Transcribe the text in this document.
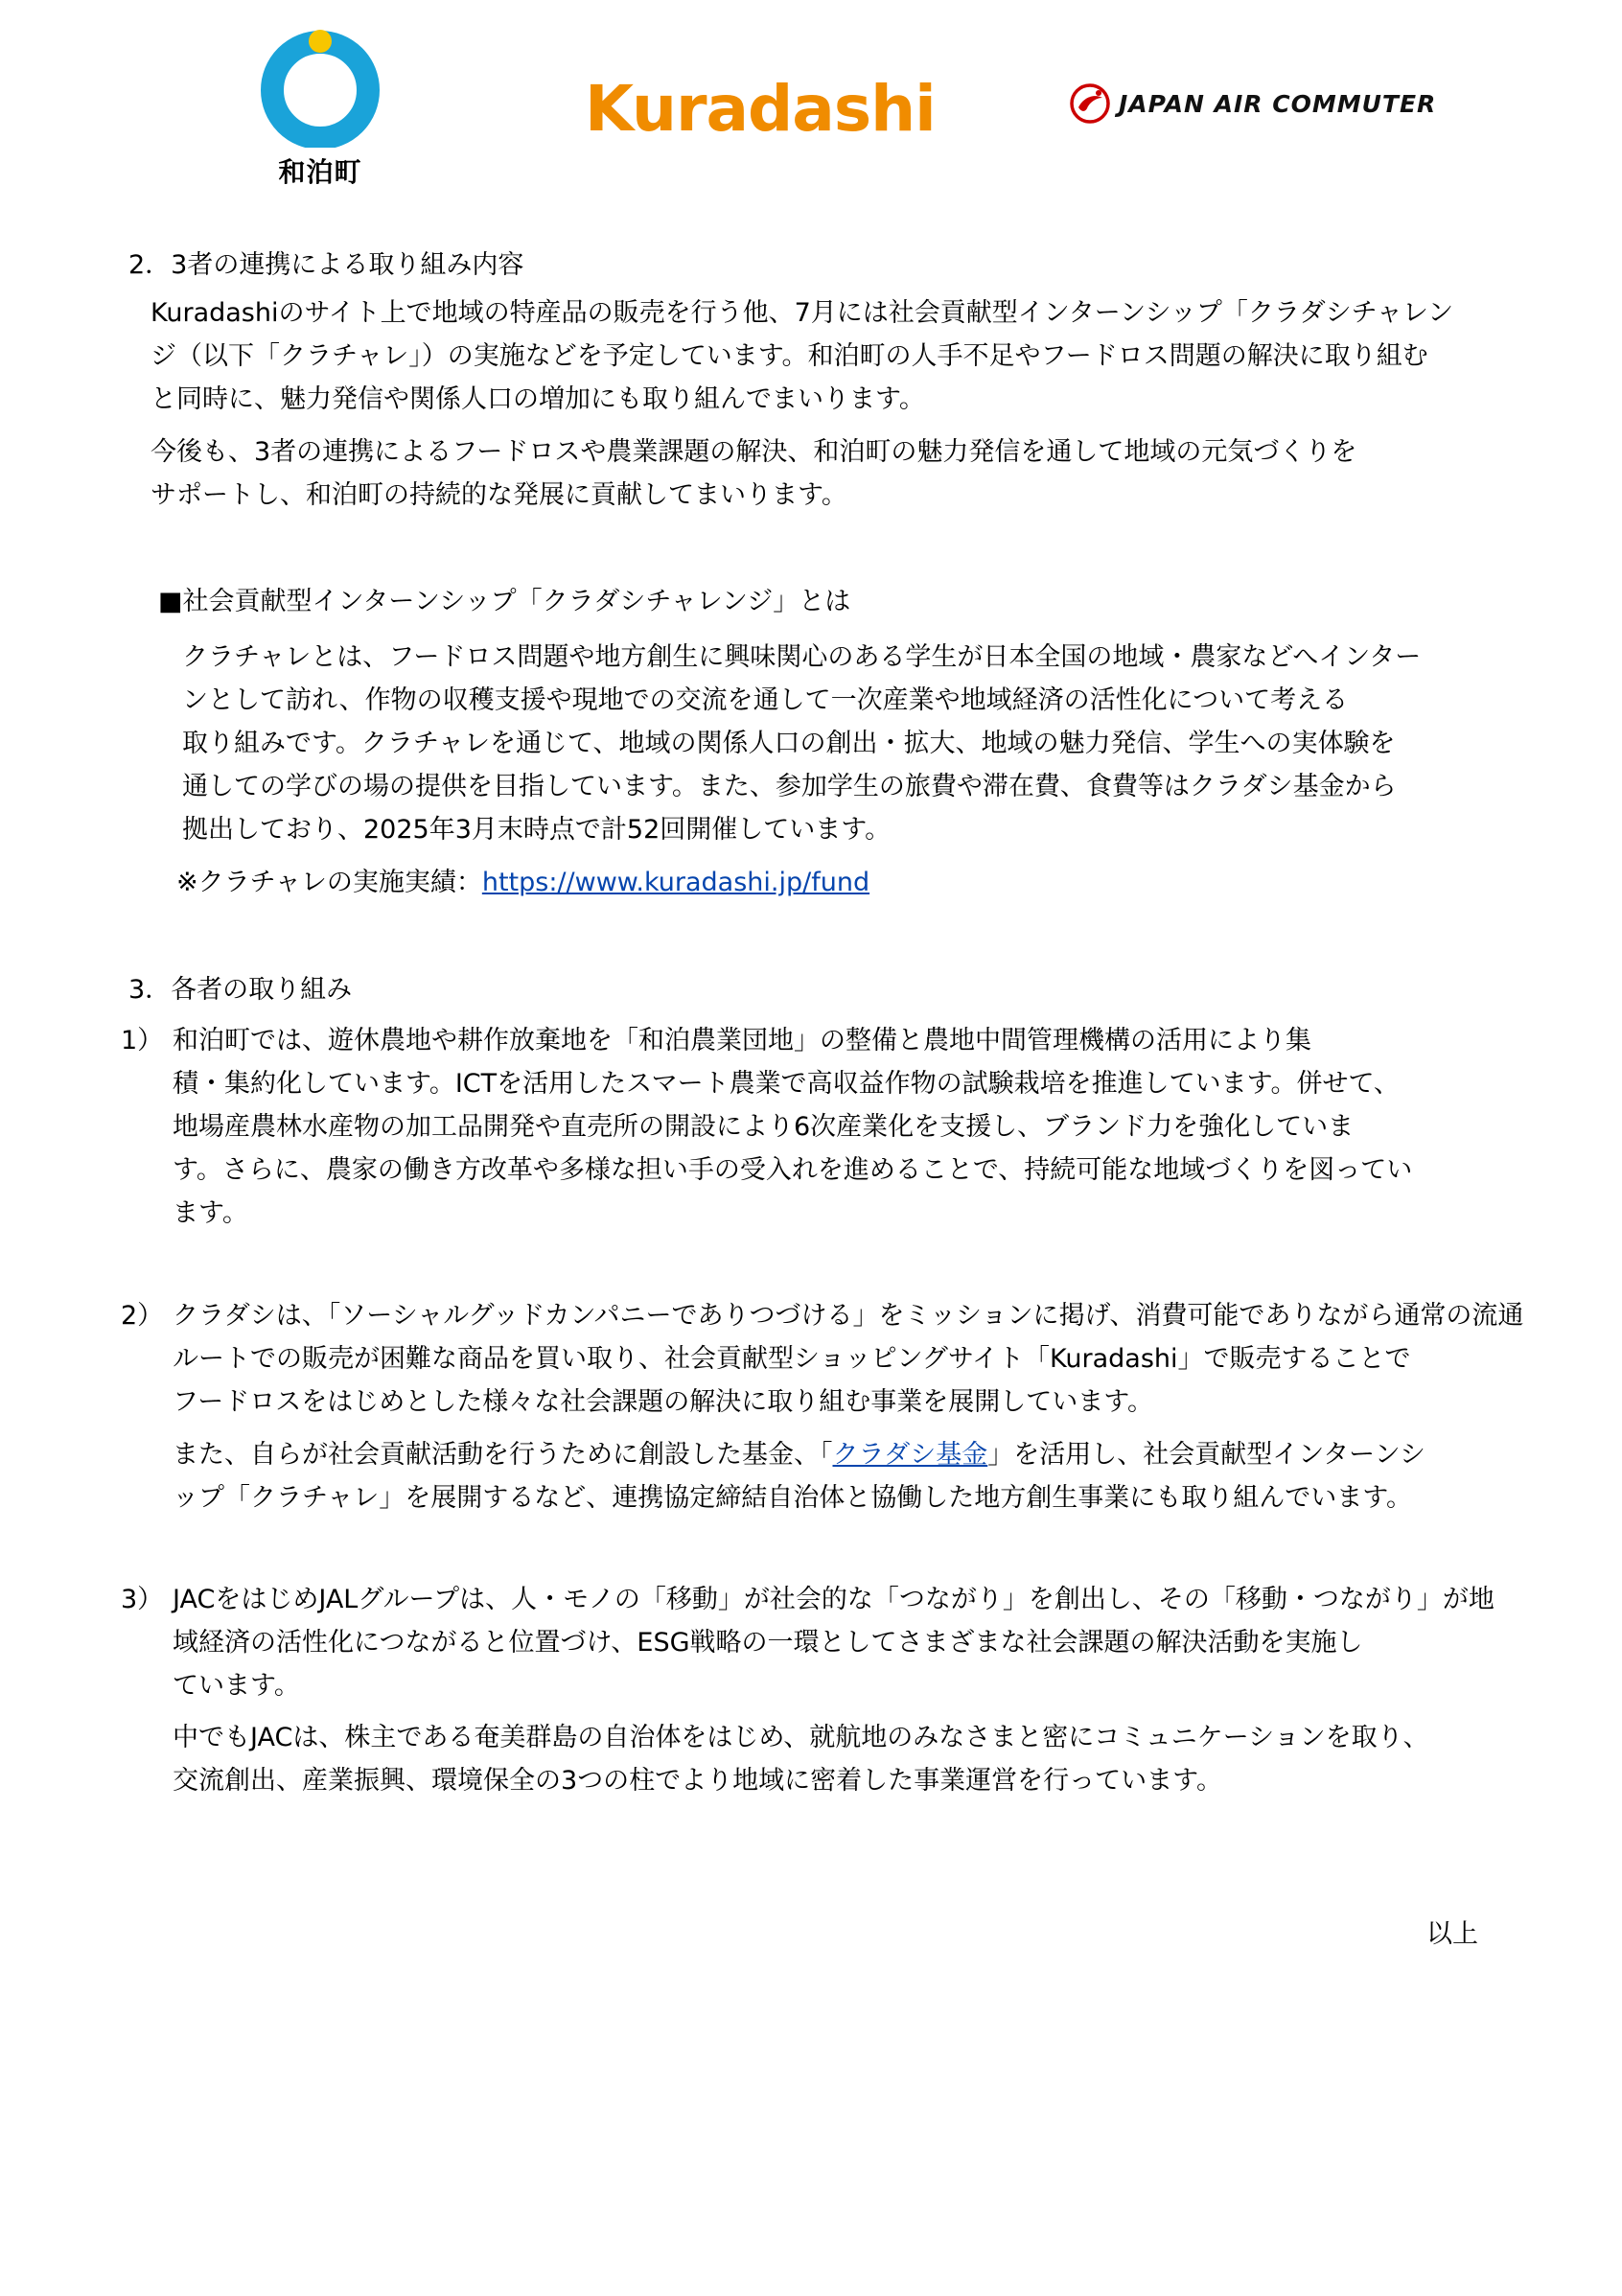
和泊町
Kuradashi	JAPAN AIR COMMUTER
2．3者の連携による取り組み内容

Kuradashiのサイト上で地域の特産品の販売を行う他、7月には社会貢献型インターンシップ「クラダシチャレン

ジ（以下「クラチャレ」）の実施などを予定しています。和泊町の人手不足やフードロス問題の解決に取り組む

と同時に、魅力発信や関係人口の増加にも取り組んでまいります。

今後も、3者の連携によるフードロスや農業課題の解決、和泊町の魅力発信を通して地域の元気づくりを

サポートし、和泊町の持続的な発展に貢献してまいります。

■社会貢献型インターンシップ「クラダシチャレンジ」とは

クラチャレとは、フードロス問題や地方創生に興味関心のある学生が日本全国の地域・農家などへインター

ンとして訪れ、作物の収穫支援や現地での交流を通して一次産業や地域経済の活性化について考える

取り組みです。クラチャレを通じて、地域の関係人口の創出・拡大、地域の魅力発信、学生への実体験を

通しての学びの場の提供を目指しています。また、参加学生の旅費や滞在費、食費等はクラダシ基金から

拠出しており、2025年3月末時点で計52回開催しています。

※クラチャレの実施実績：https://www.kuradashi.jp/fund
3．各者の取り組み
1） 和泊町では、遊休農地や耕作放棄地を「和泊農業団地」の整備と農地中間管理機構の活用により集

積・集約化しています。ICTを活用したスマート農業で高収益作物の試験栽培を推進しています。併せて、

地場産農林水産物の加工品開発や直売所の開設により6次産業化を支援し、ブランド力を強化していま

す。さらに、農家の働き方改革や多様な担い手の受入れを進めることで、持続可能な地域づくりを図ってい

ます。

2） クラダシは、「ソーシャルグッドカンパニーでありつづける」をミッションに掲げ、消費可能でありながら通常の流通

ルートでの販売が困難な商品を買い取り、社会貢献型ショッピングサイト「Kuradashi」で販売することで

フードロスをはじめとした様々な社会課題の解決に取り組む事業を展開しています。

また、自らが社会貢献活動を行うために創設した基金、「クラダシ基金」を活用し、社会貢献型インターンシ

ップ「クラチャレ」を展開するなど、連携協定締結自治体と協働した地方創生事業にも取り組んでいます。

3） JACをはじめJALグループは、人・モノの「移動」が社会的な「つながり」を創出し、その「移動・つながり」が地

域経済の活性化につながると位置づけ、ESG戦略の一環としてさまざまな社会課題の解決活動を実施し

ています。

中でもJACは、株主である奄美群島の自治体をはじめ、就航地のみなさまと密にコミュニケーションを取り、

交流創出、産業振興、環境保全の3つの柱でより地域に密着した事業運営を行っています。

以上
